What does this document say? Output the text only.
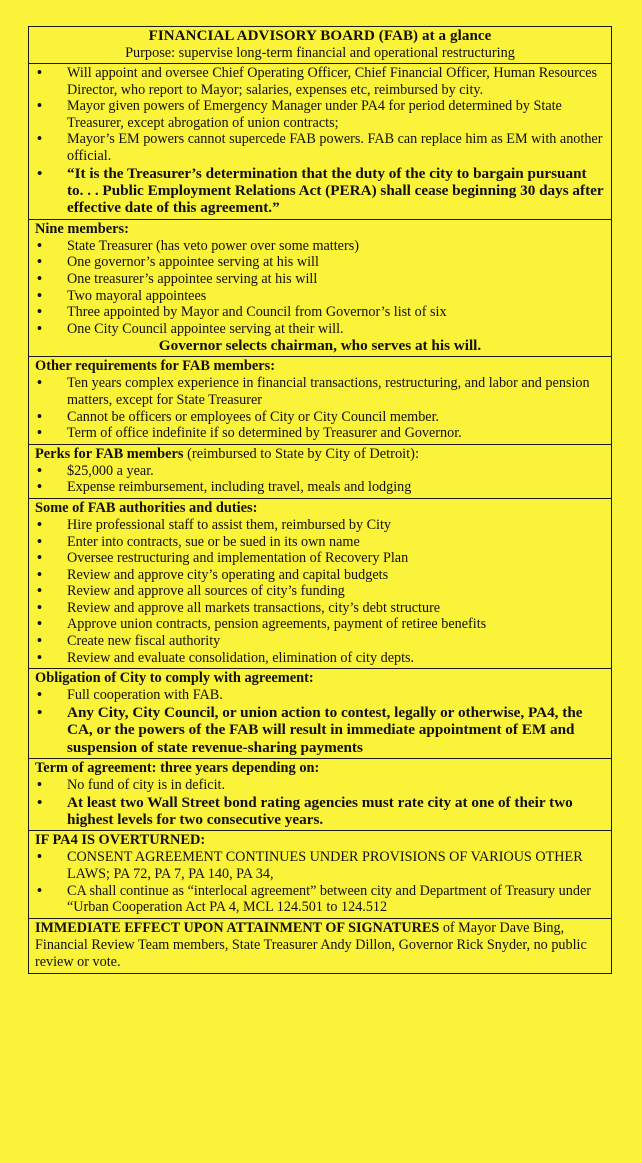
FINANCIAL ADVISORY BOARD (FAB) at a glance
Purpose: supervise long-term financial and operational restructuring
• Will appoint and oversee Chief Operating Officer, Chief Financial Officer, Human Resources Director, who report to Mayor; salaries, expenses etc, reimbursed by city.
• Mayor given powers of Emergency Manager under PA4 for period determined by State Treasurer, except abrogation of union contracts;
• Mayor’s EM powers cannot supercede FAB powers. FAB can replace him as EM with another official.
• “It is the Treasurer’s determination that the duty of the city to bargain pursuant to. . . Public Employment Relations Act (PERA) shall cease beginning 30 days after effective date of this agreement.”
Nine members:
• State Treasurer (has veto power over some matters)
• One governor’s appointee serving at his will
• One treasurer’s appointee serving at his will
• Two mayoral appointees
• Three appointed by Mayor and Council from Governor’s list of six
• One City Council appointee serving at their will.
Governor selects chairman, who serves at his will.
Other requirements for FAB members:
• Ten years complex experience in financial transactions, restructuring, and labor and pension matters, except for State Treasurer
• Cannot be officers or employees of City or City Council member.
• Term of office indefinite if so determined by Treasurer and Governor.
Perks for FAB members (reimbursed to State by City of Detroit):
• $25,000 a year.
• Expense reimbursement, including travel, meals and lodging
Some of FAB authorities and duties:
• Hire professional staff to assist them, reimbursed by City
• Enter into contracts, sue or be sued in its own name
• Oversee restructuring and implementation of Recovery Plan
• Review and approve city’s operating and capital budgets
• Review and approve all sources of city’s funding
• Review and approve all markets transactions, city’s debt structure
• Approve union contracts, pension agreements, payment of retiree benefits
• Create new fiscal authority
• Review and evaluate consolidation, elimination of city depts.
Obligation of City to comply with agreement:
• Full cooperation with FAB.
• Any City, City Council, or union action to contest, legally or otherwise, PA4, the CA, or the powers of the FAB will result in immediate appointment of EM and suspension of state revenue-sharing payments
Term of agreement: three years depending on:
• No fund of city is in deficit.
• At least two Wall Street bond rating agencies must rate city at one of their two highest levels for two consecutive years.
IF PA4 IS OVERTURNED:
• CONSENT AGREEMENT CONTINUES UNDER PROVISIONS OF VARIOUS OTHER LAWS; PA 72, PA 7, PA 140, PA 34,
• CA shall continue as “interlocal agreement” between city and Department of Treasury under “Urban Cooperation Act PA 4, MCL 124.501 to 124.512
IMMEDIATE EFFECT UPON ATTAINMENT OF SIGNATURES of Mayor Dave Bing, Financial Review Team members, State Treasurer Andy Dillon, Governor Rick Snyder, no public review or vote.
